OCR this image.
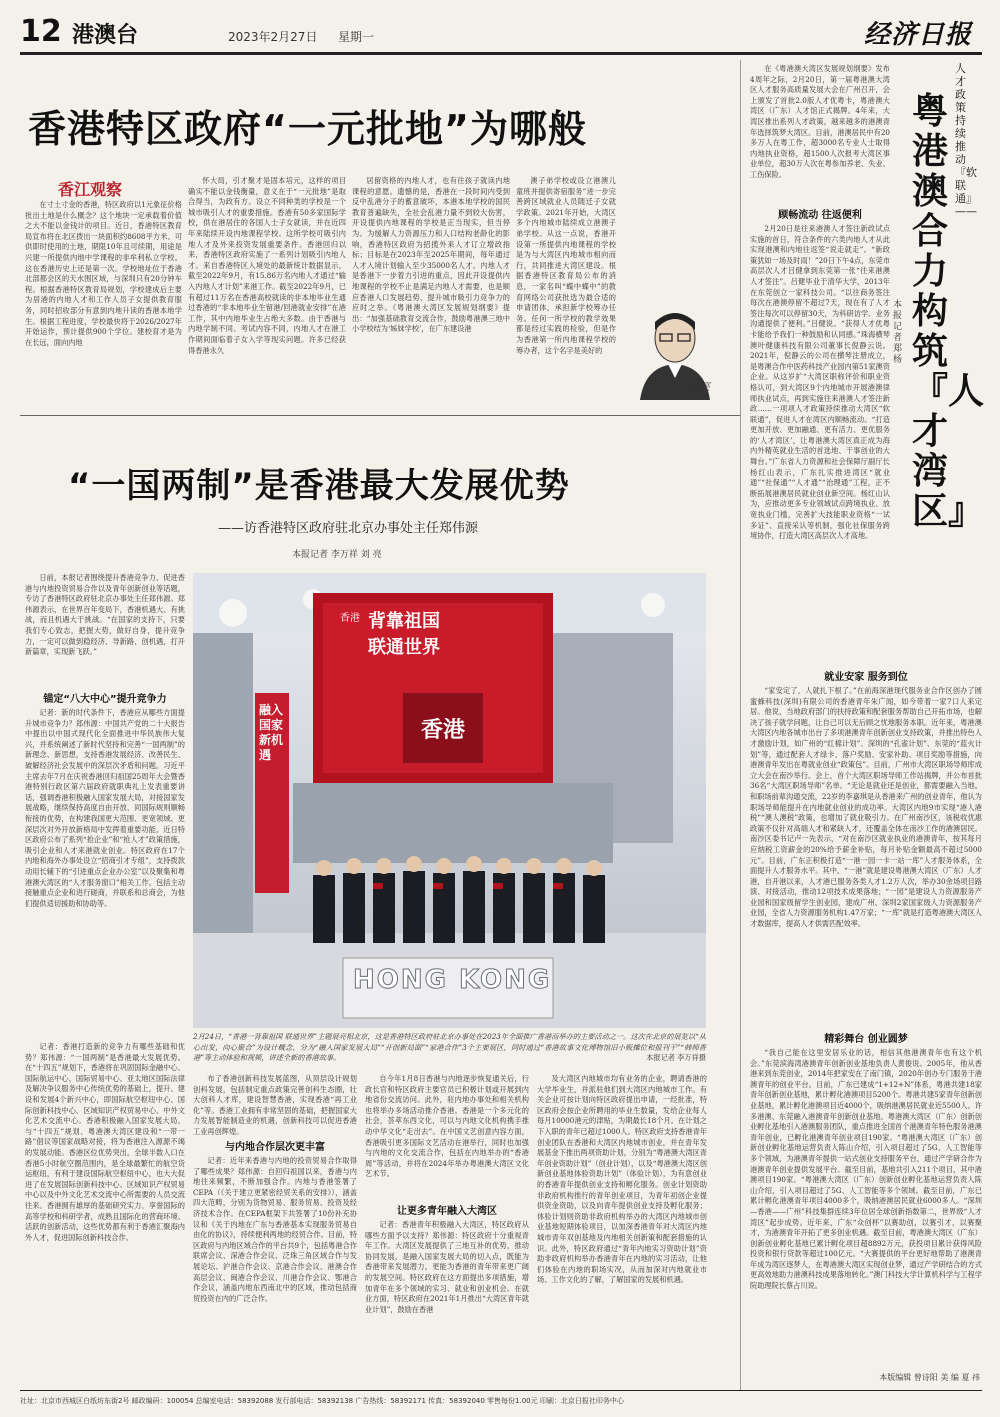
12 港澳台	2023年2月27日 星期一	经济日报
香港特区政府“一元批地”为哪般
香江观察

在寸土寸金的香港，特区政府以1元象征价格批出土地是什么概念？这个地块一定承载着价值之大不能以金钱计的项目。近日，香港特区教育局宣布将在北区拨出一块面积约8608平方米、可供即时使用的土地，期限10年且可续期，用途是兴建一所提供内地中学课程的非牟利私立学校。这在香港历史上还是第一次。学校地址位于香港北部都会区的天水围区域，与深圳只有20分钟车程。根据香港特区教育局规划，学校建成后主要为居港的内地人才和工作人员子女提供教育服务，同时招收部分有意到内地升读的香港本地学生。根据工程进度，学校最快将于2026/2027年开始运作，预计提供900个学位。建校育才是为在长远，面向内地

怀大局，引才聚才是固本培元，这样的项目确实不能以金钱衡量，意义在于“一元批地”是取合得当，为政有方。设立不同种类的学校是一个城市吸引人才的重要措施。香港有50多家国际学校，供在港居住的各国人士子女就读，并在近四年来陆续开设内地课程学校。这所学校可吸引内地人才及外来投资发展重要条件。香港回归以来，香港特区政府实施了一系列计划吸引内地人才。来自香港特区入境处的最新统计数据显示，截至2022年9月，有15.86万名内地人才通过“输入内地人才计划”来港工作。截至2022年9月，已有超过11万名在香港高校就读的非本地毕业生通过香港的“非本地毕业生留港/回港就业安排”在港工作，其中内地毕业生占绝大多数。由于香港与内地学制不同、考试内容不同，内地人才在港工作期间面临着子女入学等现实问题。许多已经获得香港永久

居留资格的内地人才，也有往孩子就读内地课程的意愿。遗憾的是，香港在一段时间内受到反中乱港分子的蓄意破坏，本港本地学校的国民教育普遍缺失，全社会乱港力量不到较大伤害，开设提供内地课程的学校是正当现实，但当停为。为缓解人力资源压力和人口结构老龄化的影响，香港特区政府为招揽外来人才订立增政指标；目标是在2023年至2025年期间，每年通过人才入境计划输入至少35000名人才。内地人才是香港下一步着力引进的重点，因此开设提供内地课程的学校不止是满足内地人才需要，也是顺应香港人口发展趋势、提升城市吸引力竞争力的应时之举。《粤港澳大湾区发展规划纲要》提出：“加强基础教育交流合作，鼓励粤港澳三地中小学校结为‘姊妹学校’，在广东建设港

澳子弟学校或设立港澳儿童班并提供寄宿服务”进一步完善跨区域就业人员随迁子女就学政策。2021年开始，大湾区多个内地城市陆续成立港澳子弟学校。从这一点说，香港开设第一所提供内地课程的学校是为与大湾区内地城市相向而行，共同推进大湾区建设。根据香港特区教育局公布的消息，一家名叫“蝶中蝶中”的教育网络公司获批选为最合适的申请团体，承担新学校筹办任务。任何一所学校的教学效果都是经过实践的检验，但是作为香港第一所内地课程学校的筹办者，这个名字是美好的

刘亮
“一国两制”是香港最大发展优势
——访香港特区政府驻北京办事处主任郑伟源
本报记者 李万祥 刘 亮

日前，本报记者围绕提升香港竞争力、促进香港与内地投资贸易合作以及青年创新创业等话题，专访了香港特区政府驻北京办事处主任郑伟源。郑伟源表示，在世界百年变局下，香港机遇大、有挑战，而且机遇大于挑战。“在国家的支持下，只要我们专心致志，把握大势，做好自身，提升竞争力，一定可以做到稳经济、导新路、创机遇，打开新篇章，实现新飞跃。”

锚定“八大中心”提升竞争力

记者：新的时代条件下，香港应从哪些方面提升城市竞争力？郑伟源：中国共产党的二十大报告中提出以中国式现代化全面推进中华民族伟大复兴，并系统阐述了新时代坚持和完善“一国两制”的新理念、新思想，支持香港发展经济、改善民生、破解经济社会发展中的深层次矛盾和问题。习近平主席去年7月在庆祝香港回归祖国25周年大会暨香港特别行政区第六届政府就职典礼上发表重要讲话，强调香港积极融入国家发展大局，对接国家发展战略，继续保持高度自由开放、同国际规则顺畅衔接的优势，在构建我国更大范围、更宽领域、更深层次对外开放新格局中发挥着重要功能。近日特区政府公布了系列“抢企业”和“抢人才”政策措施，吸引企业和人才来港就业创业。特区政府在17个内地和海外办事处设立“招商引才专组”，支持拨款动用长辅下的“引进重点企业办公室”以及聚集和粤港澳大湾区的“人才服务窗口”相关工作，包括主动接触重点企业和进行磋商，并联系和总商会，为他们提供适切援助和协助等。

记者：香港打造新的竞争力有哪些基础和优势？郑伟源：“一国两制”是香港最大发展优势。在“十四五”规划下，香港将在巩固国际金融中心、国际航运中心、国际贸易中心、亚太地区国际法律及解决争议服务中心传统优势的基础上，提升、建设和发展4个新兴中心，即国际航空枢纽中心、国际创新科技中心、区域知识产权贸易中心、中外文化艺术交流中心。香港积极融入国家发展大局，与“十四五”规划、粤港澳大湾区建设和“一带一路”倡议等国家战略对接，将为香港注入源源不竭的发展动能。香港区位优势突出，全球半数人口在香港5小时航空圈范围内，是全球最繁忙的航空货运枢纽，有利于建设国际航空枢纽中心，也大大促进了在发展国际创新科技中心、区域知识产权贸易中心以及中外文化艺术交流中心所需要的人员交流往来。香港拥有雄厚的基础研究实力、享誉国际的高等学校和科研学者，成熟且国际化的营商环境、活跃的创新活动，这些优势都有利于香港汇聚海内外人才，促进国际创新科技合作。

香港 背靠祖国
联通世界
香港
融入国家新机遇
HONG KONG
2月24日，“香港一背靠祖国 联通世界”主题展亮相北京，这是香港特区政府驻北京办事处在2023年全面推广香港而举办的主要活动之一。这次在北京的展览以“从心出发，向心聚合”为设计概念，分为“融入国家发展大局”“开创新局面”“家港合作”3个主要展区，同时通过“香港故事文化博物馆旧小贩摊位和报刊干”“韩师香港”等主动体验和视频，讲述全新的香港故事。	本报记者 李万祥摄

布了香港创新科技发展蓝图，从顶层设计规划创科发展，包括制定重点政策完善创科生态圈，壮大创科人才库，建设智慧香港，实现香港“再工业化”等。香港工业拥有非常坚固的基础，把握国家大力发展智能制造业的机遇，创新科技可以促进香港工业再创辉煌。

与内地合作层次更丰富

记者：近年来香港与内地的投资贸易合作取得了哪些成果？郑伟源：自回归祖国以来，香港与内地往来频繁，不断加强合作。内地与香港签署了CEPA（《关于建立更紧密经贸关系的安排》），涵盖四大范畴，分别为货物贸易、服务贸易、投资及经济技术合作。在CEPA框架下共签署了10份补充协议和《关于内地在广东与香港基本实现服务贸易自由化的协议》，持续便利两地的经贸合作。目前，特区政府与内地区域合作的平台共9个，包括粤港合作联席会议、深港合作会议、泛珠三角区域合作与发展论坛、沪港合作会议、京港合作会议、港澳合作高层会议、闽港合作会议、川港合作会议、鄂港合作会议，涵盖内地东西南北中的区域，推动包括商贸投资在内的广泛合作。

自今年1月8日香港与内地逐步恢复通关后，行政长官和特区政府主要官员已积极计划或开展到内地省份交流访问。此外，驻内地办事处和相关机构也将举办多场活动推介香港。香港是一个多元化的社会，荟萃东西文化，可以与内地文化机构携手推动中华文化“走出去”。在中国文艺创意内容方面，香港吸引更多国际文艺活动在港举行，同时也加强与内地的文化交流合作，包括在内地举办的“香港周”等活动，并将在2024年举办粤港澳大湾区文化艺术节。

让更多青年融入大湾区

记者：香港青年积极融入大湾区，特区政府从哪些方面予以支持？郑伟源：特区政府十分重视青年工作。大湾区发展提供了三地互补的优势，推动协同发展，是融入国家发展大局的切入点，既能为香港带来发展潜力，更能为香港的青年带来更广阔的发展空间。特区政府在这方面提出多项措施，增加青年在多个领域的实习、就业和创业机会。在就业方面，特区政府在2021年1月推出“大湾区青年就业计划”，鼓励在香港

及大湾区内地城市均有业务的企业，聘请香港的大学毕业生，并派驻他们到大湾区内地城市工作。有关企业可按计划向特区政府提出申请，一经批准，特区政府会按企业所聘用的毕业生数量，发给企业每人每月10000港元的津贴，为期最长18个月。在计划之下入职的青年已超过1000人。特区政府支持香港青年创业团队在香港和大湾区内地城市创业，并在青年发展基金下推出两项资助计划，分别为“粤港澳大湾区青年创业资助计划”（创业计划），以及“粤港澳大湾区创新创业基地体验资助计划”（体验计划），为有意创业的香港青年提供创业支持和孵化服务。创业计划资助非政府机构推行的青年创业项目，为青年初创企业提供资金资助，以及向青年提供创业支持及孵化服务；体验计划则资助非政府机构举办的大湾区内地城市创业基地短期体验项目，以加深香港青年对大湾区内地城市青年双创基地及内地相关创新策和配套措施的认识。此外，特区政府通过“青年内地实习资助计划”资助非政府机构举办香港青年在内地的实习活动，让他们体验在内地的职场实况，从而加深对内地就业市场、工作文化的了解，了解国家的发展和机遇。

人才政策持续推动『软联通』——
粤港澳合力构筑『人才湾区』
本报记者 郑 杨

在《粤港澳大湾区发展规划纲要》发布4周年之际，2月20日，第一届粤港澳大湾区人才服务高质量发展大会在广州召开，会上颁发了首批2.0版人才优粤卡，粤港澳大湾区（广东）人才馆正式揭牌。4年来，大湾区推出系列人才政策，越来越多的港澳青年选择筑梦大湾区。目前，港澳居民中有20多万人在粤工作，超3000名专业人士取得内地执业资格，超1500人次报考大湾区事业单位，超30万人次在粤参加养老、失业、工伤保险。

顾畅流动 往返便利

2月20日是往来港澳人才签注新政试点实施的首日，符合条件的六类内地人才从此实现港澳和内地往返签“说走就走”。“新政策犹如一场及时雨！”20日下午4点，东莞市高层次人才吕健拿到东莞第一张“往来港澳人才签注”。吕健毕业于清华大学，2013年在东莞创立一家科技公司。“以往商务签注每次在港澳停留不超过7天，现在有了人才签注每次可以停留30天，为科研访学、业务沟通提供了便利。”吕健说。“获得人才优粤卡能给予我们一种鼓励和认同感。”珠海横琴澳叶健康科技有限公司董事长倪静云说。2021年，倪静云的公司在横琴注册成立，是粤澳合作中医药科技产业园内第51家澳资企业。从这岁扩“大湾区职称评价和职业资格认可，到大湾区9个内地城市开展港澳律师执业试点，再到实施往来港澳人才签注新政……一项项人才政策持续推动大湾区“软联通”，促进人才在湾区内顺畅流动。“打造更加开放、更加融通、更有活力、更优服务的‘人才湾区’，让粤港澳大湾区真正成为海内外精英就业生活的首选地、干事创业的大舞台。”广东省人力资源和社会保障厅副厅长杨红山表示，广东扎实推进湾区“就业通”“社保通”“人才通”“治理通”工程，正不断拓展港澳居民就业创业新空间。杨红山认为，应推动更多专业领域试点跨境执业、放宽执业门槛，完善扩大技能职业资格“一试多证”、直接采认等机制，强化社保服务跨境协作，打造大湾区高层次人才高地。

就业安家 服务到位

“家安定了，人就扎下根了。”在前海深港现代服务业合作区创办了圆蜜蜂科技(深圳)有限公司的香港青年朱广闻，如今带着一家7口人来定居。他说，当地政府部门的扶持政策和配套服务帮助自己开拓市场，也解决了孩子就学问题，让自己可以无后顾之忧地服务本职。近年来，粤港澳大湾区内地各城市出台了多项港澳青年创新创业支持政策，并推出特色人才激励计划，如广州的“红棉计划”、深圳的“孔雀计划”、东莞的“蓝火计划”等，通过配套人才绿卡、落户奖励、安家补助、项目奖励等措施，向港澳青年发出在粤就业创业“政策包”。目前，广州市大湾区职场导师库成立大会在南沙举行。会上，首个大湾区职场导师工作站揭牌，并公布首批36名“大湾区职场导师”名单。“无论是就业还是创业，都需要融入当地。和职场前辈沟通交流，22岁的李嘉琪是从香港来广州的创业青年，他认为职场导师能提升在内地就业创业的成功率。大湾区内地9市实现“港人港税”“澳人澳税”政策，也增加了就业吸引力。在广州南沙区，该税收优惠政策不仅针对高端人才和紧缺人才，还覆盖全体在南沙工作的港澳居民。南沙区委书记卢一先表示，“对在南沙区就业执业的港澳青年，按其每月应纳税工资薪金的20%给予薪金补贴，每月补贴金额最高不超过5000元”。目前，广东正积极打造“一港一园一卡一站一库”人才服务体系，全面提升人才服务水平。其中，“一港”就是建设粤港澳大湾区（广东）人才港，自开港以来，人才港已服务各类人才1.2万人次，举办30余场项目路演、对接活动，推动12项技术成果落地；“一园”是建设人力资源服务产业园和国家级留学生创业园，建成广州、深圳2家国家级人力资源服务产业园，全省人力资源服务机构1.47万家；“一库”就是打造粤港澳大湾区人才数据库，提高人才供需匹配效率。

精彩舞台 创业圆梦

“我自己能在这里安居乐业的话，相信其他港澳青年也有这个机会。”东莞滨海湾港澳青年创新创业基地负责人黄俊说。2005年，他从香港来到东莞创业，2014年把家安在了南门镇，2020年创办专门服务于港澳青年的创业平台。目前，广东已建成“1+12+N”体系，粤港共建18家青年创新创业基地，累计孵化港澳项目5200个。粤港共建5家青年创新创业基地，累计孵化港澳项目近4000个，吸纳港澳居民就业近5500人。许多港澳、东莞融入港澳青年创新创业基地。粤港澳大湾区（广东）创新创业孵化基地引入港澳服务团队，重点推进全国首个港澳青年特色服务港澳青年创业，已孵化港澳青年创业项目190家。“粤港澳大湾区（广东）创新创业孵化基地运营负责人陈山介绍，引入项目超过了5G、人工智能等多个领域，为港澳青年提供一站式创业支持服务平台，通过产学研合作为港澳青年创业提供发展平台。截至目前，基地共引入211个项目，其中港澳项目190家。“粤港澳大湾区（广东）创新创业孵化基地运营负责人陈山介绍，引入项目超过了5G、人工智能等多个领域。截至目前，广东已累计孵化港澳青年项目4000多个，吸纳港澳居民就业6000多人。“深圳—香港——广州”科技集群连续3年位居全球创新指数第二，世界级“人才湾区”起步成势。近年来，广东“众创杯”以赛助创，以赛引才，以赛聚才，为港澳青年开拓了更多创业机遇。截至目前，粤港澳大湾区（广东）创新创业孵化基地已累计孵化项目超8892万元，获投项目累计获得风险投资和银行贷款等超过100亿元。“大赛提供的平台更好地帮助了港澳青年成为湾区逐梦人，在粤港澳大湾区实现创业梦，通过产学研结合的方式更高效地助力港澳科技成果落地转化。”澳门科技大学计算机科学与工程学院助理院长蔡占川说。

本版编辑 曾诗阳 美 编 夏 祎
社址：北京市西城区白纸坊东街2号 邮政编码：100054 总编室电话：58392088 发行部电话：58392138 广告热线：58392171 传真：58392040 零售每份1.00元 印刷：北京日报社印务中心
